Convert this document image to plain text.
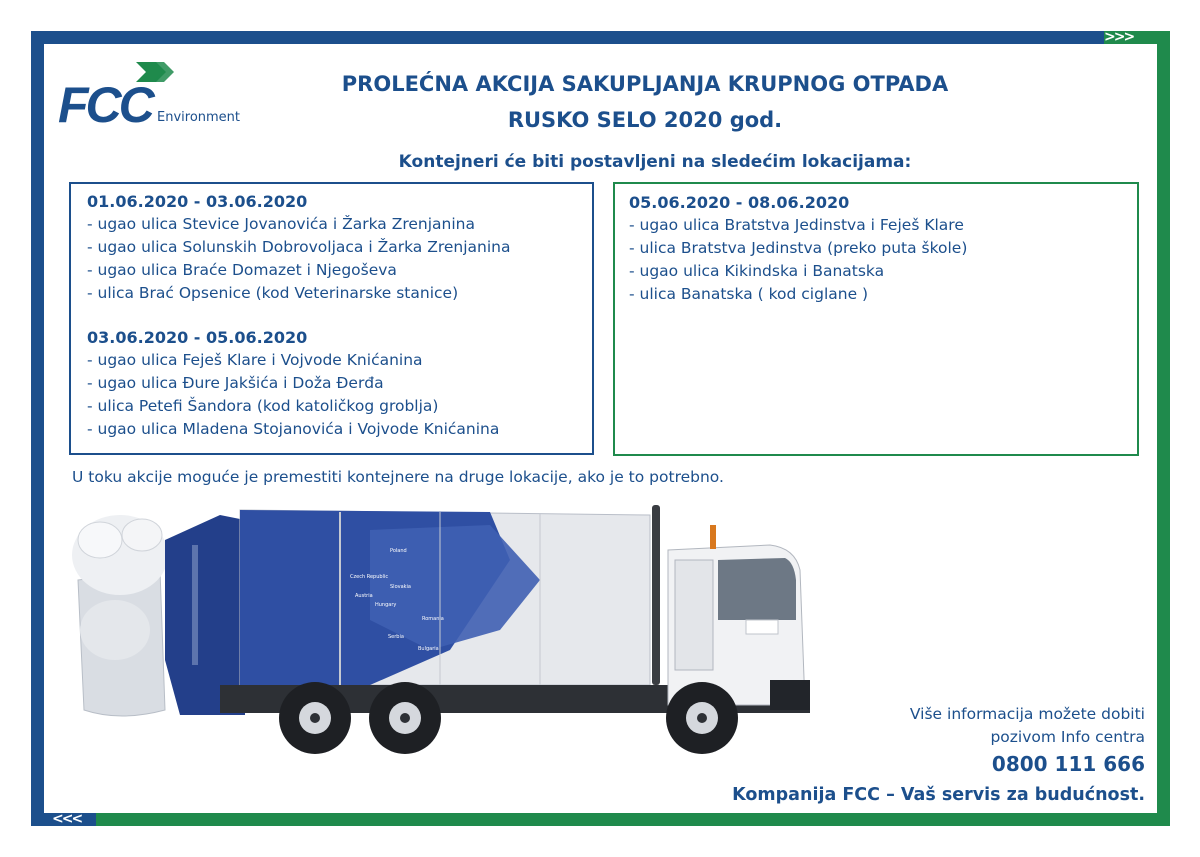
>>>
<<<
FCC Environment
PROLEĆNA AKCIJA SAKUPLJANJA KRUPNOG OTPADA
RUSKO SELO 2020 god.
Kontejneri će biti postavljeni na sledećim lokacijama:
01.06.2020 - 03.06.2020
- ugao ulica Stevice Jovanovića i Žarka Zrenjanina
- ugao ulica Solunskih Dobrovoljaca i Žarka Zrenjanina
- ugao ulica Braće Domazet i Njegoševa
- ulica Brać Opsenice (kod Veterinarske stanice)
03.06.2020 - 05.06.2020
- ugao ulica Feješ Klare i Vojvode Knićanina
- ugao ulica Đure Jakšića i Doža Đerđa
- ulica Petefi Šandora (kod katoličkog groblja)
- ugao ulica Mladena Stojanovića i Vojvode Knićanina
05.06.2020 - 08.06.2020
- ugao ulica Bratstva Jedinstva i Feješ Klare
- ulica Bratstva Jedinstva (preko puta škole)
- ugao ulica Kikindska i Banatska
- ulica Banatska ( kod ciglane )
U toku akcije moguće je premestiti kontejnere na druge lokacije, ako je to potrebno.
Poland
Czech Republic
Slovakia
Austria
Hungary
Romania
Serbia
Bulgaria
Više informacija možete dobiti
pozivom Info centra
0800 111 666
Kompanija FCC – Vaš servis za budućnost.
